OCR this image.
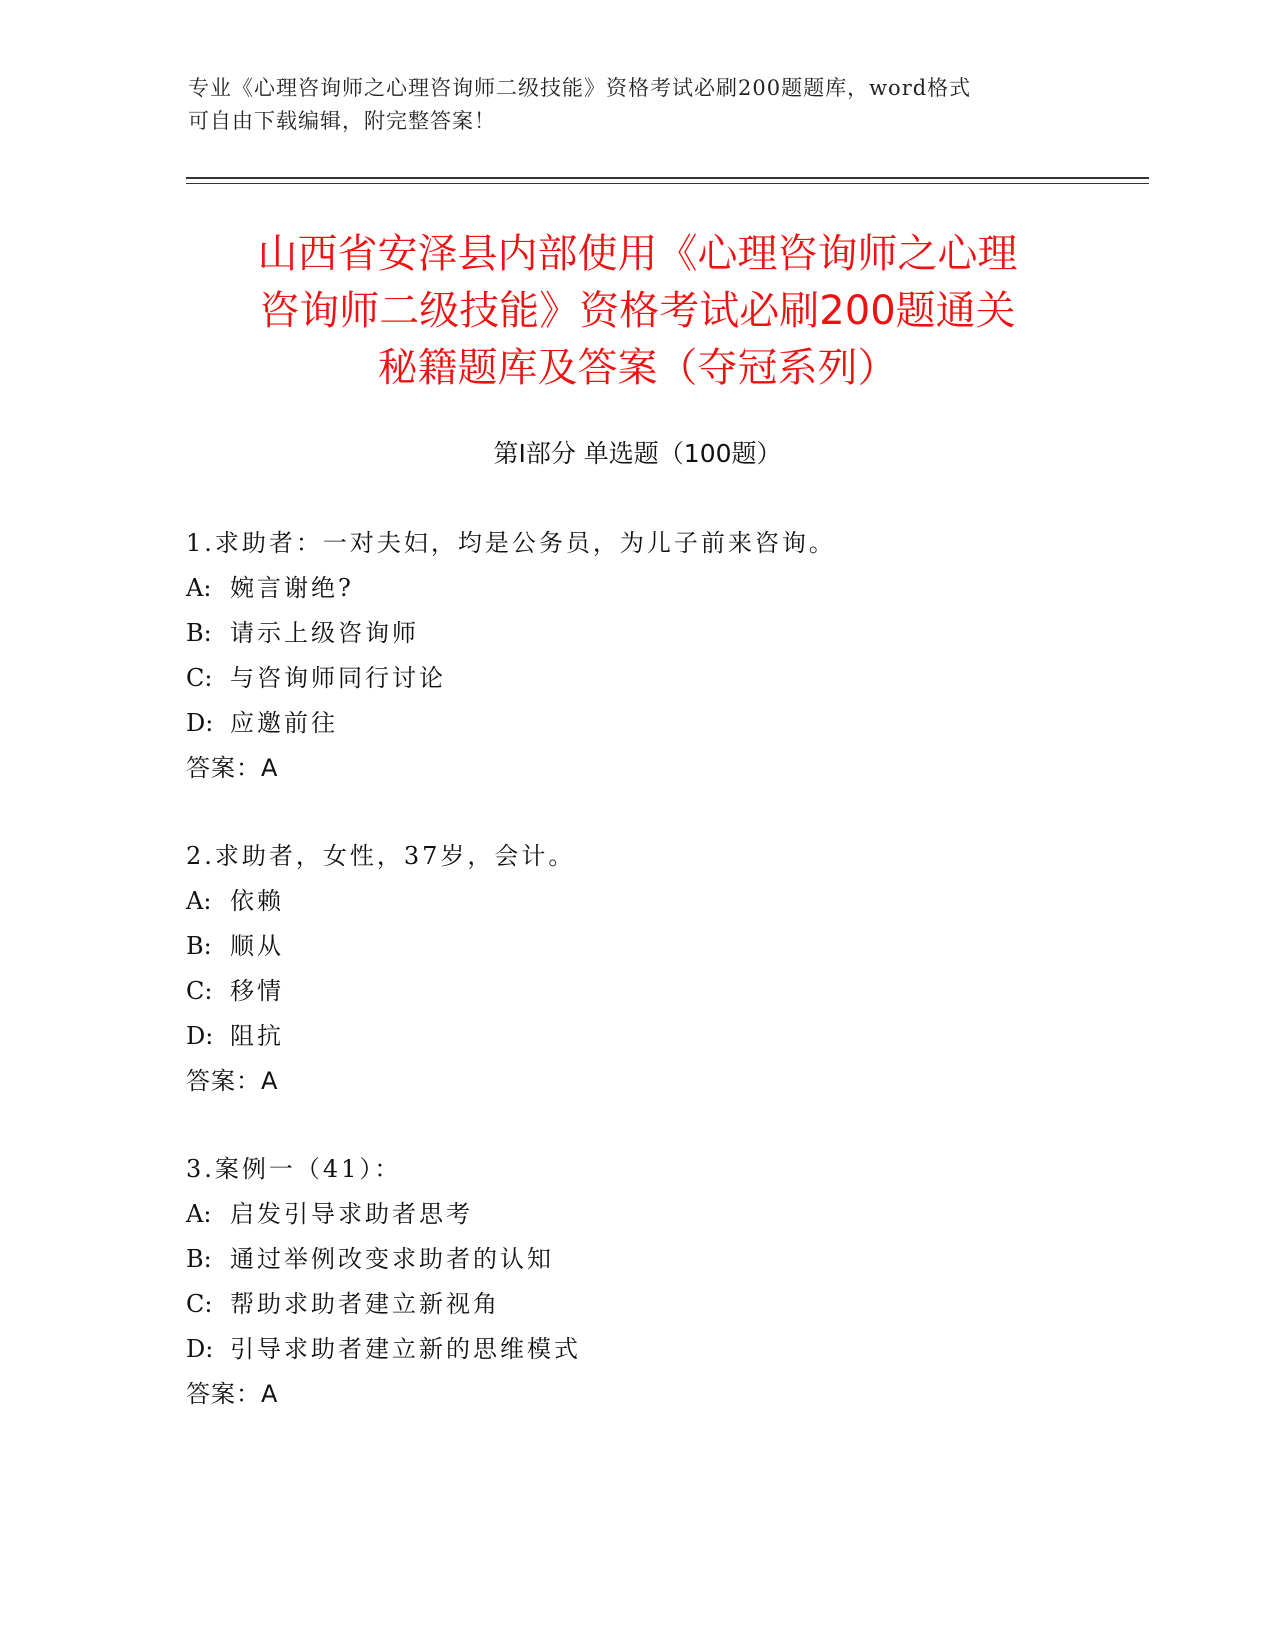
专业《心理咨询师之心理咨询师二级技能》资格考试必刷200题题库，word格式
可自由下载编辑，附完整答案！
山西省安泽县内部使用《心理咨询师之心理
咨询师二级技能》资格考试必刷200题通关
秘籍题库及答案（夺冠系列）
第Ⅰ部分 单选题（100题）
1.求助者：一对夫妇，均是公务员，为儿子前来咨询。
A: 婉言谢绝?
B: 请示上级咨询师
C: 与咨询师同行讨论
D: 应邀前往
答案：A
2.求助者，女性，37岁，会计。
A: 依赖
B: 顺从
C: 移情
D: 阻抗
答案：A
3.案例一（41）：
A: 启发引导求助者思考
B: 通过举例改变求助者的认知
C: 帮助求助者建立新视角
D: 引导求助者建立新的思维模式
答案：A
